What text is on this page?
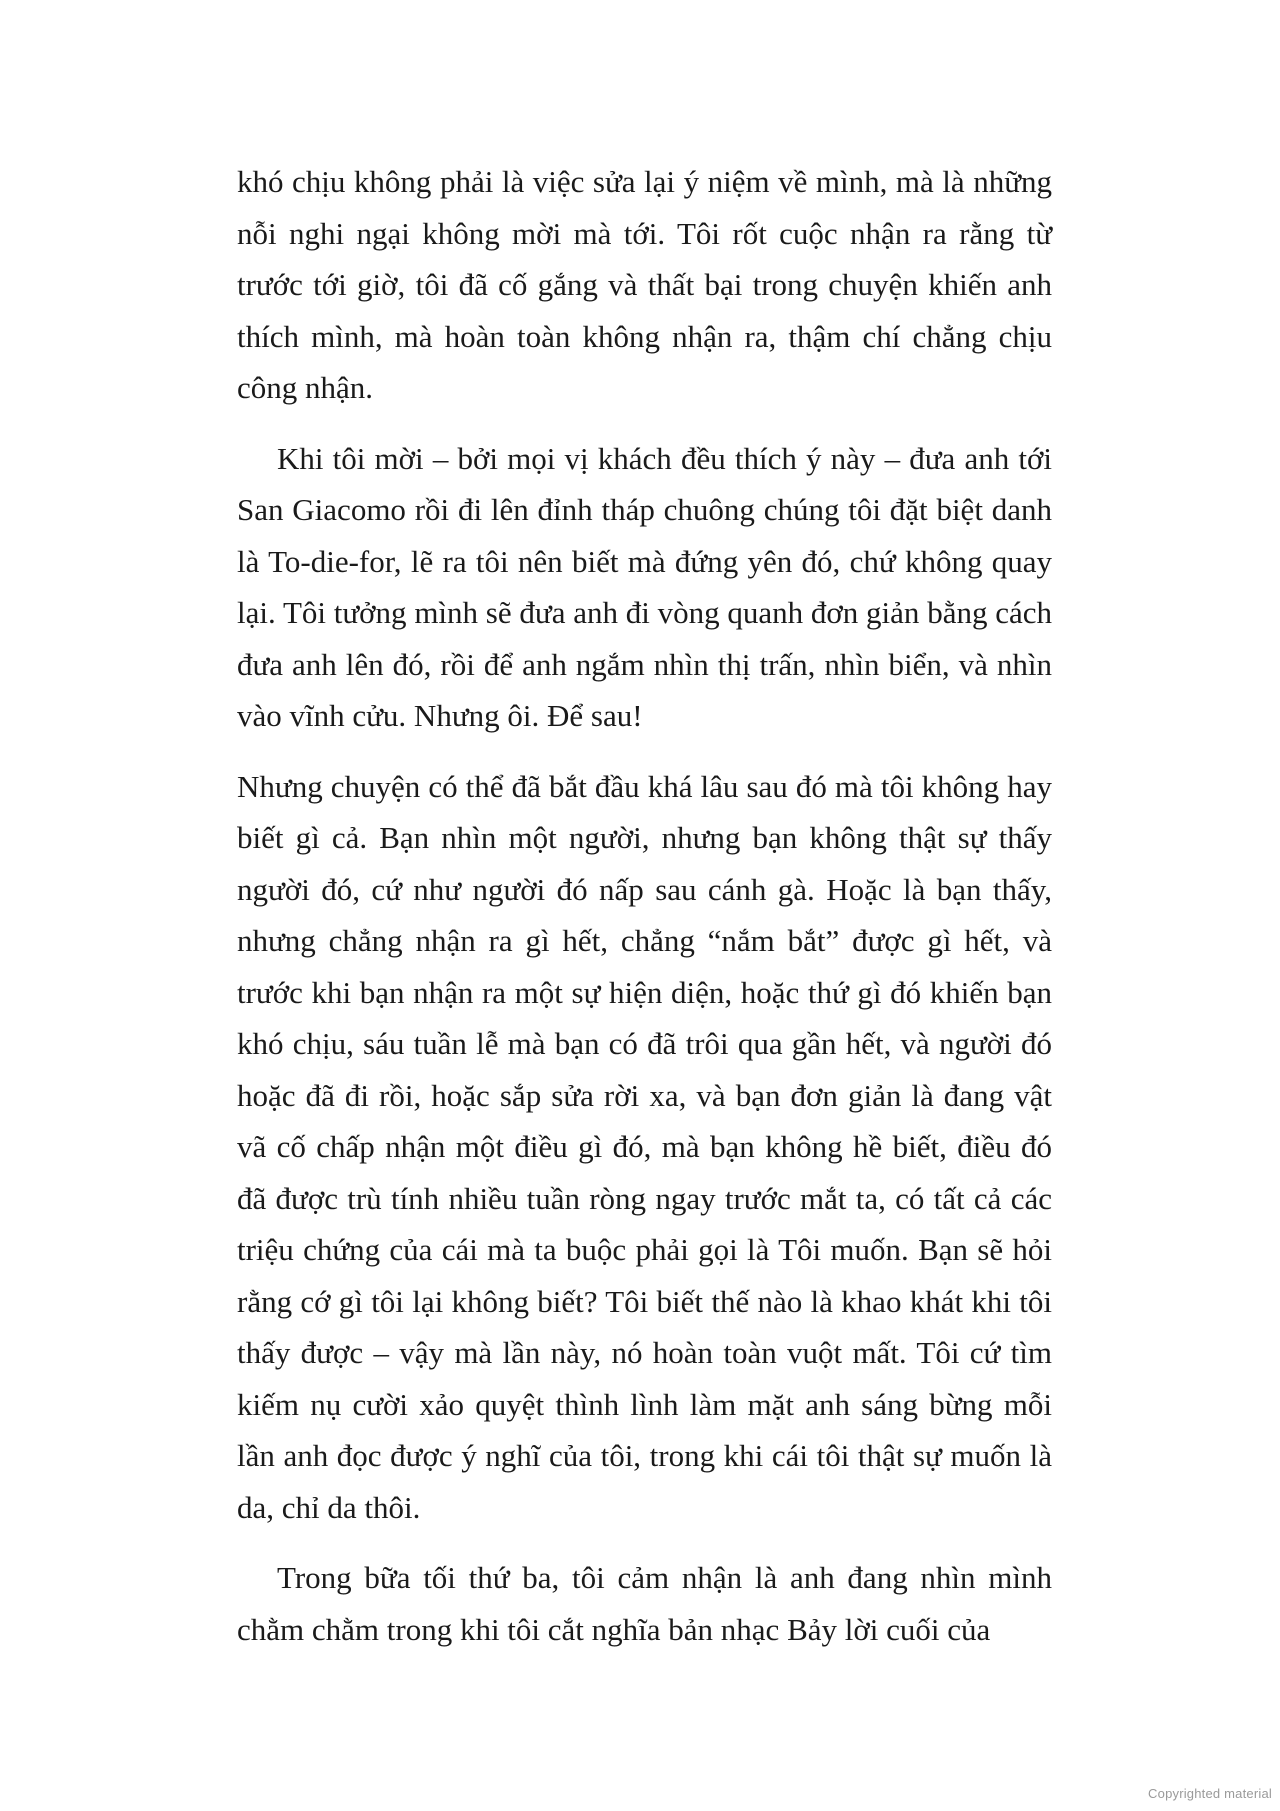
khó chịu không phải là việc sửa lại ý niệm về mình, mà là những nỗi nghi ngại không mời mà tới. Tôi rốt cuộc nhận ra rằng từ trước tới giờ, tôi đã cố gắng và thất bại trong chuyện khiến anh thích mình, mà hoàn toàn không nhận ra, thậm chí chẳng chịu công nhận.

Khi tôi mời – bởi mọi vị khách đều thích ý này – đưa anh tới San Giacomo rồi đi lên đỉnh tháp chuông chúng tôi đặt biệt danh là To-die-for, lẽ ra tôi nên biết mà đứng yên đó, chứ không quay lại. Tôi tưởng mình sẽ đưa anh đi vòng quanh đơn giản bằng cách đưa anh lên đó, rồi để anh ngắm nhìn thị trấn, nhìn biển, và nhìn vào vĩnh cửu. Nhưng ôi. Để sau!

Nhưng chuyện có thể đã bắt đầu khá lâu sau đó mà tôi không hay biết gì cả. Bạn nhìn một người, nhưng bạn không thật sự thấy người đó, cứ như người đó nấp sau cánh gà. Hoặc là bạn thấy, nhưng chẳng nhận ra gì hết, chẳng “nắm bắt” được gì hết, và trước khi bạn nhận ra một sự hiện diện, hoặc thứ gì đó khiến bạn khó chịu, sáu tuần lễ mà bạn có đã trôi qua gần hết, và người đó hoặc đã đi rồi, hoặc sắp sửa rời xa, và bạn đơn giản là đang vật vã cố chấp nhận một điều gì đó, mà bạn không hề biết, điều đó đã được trù tính nhiều tuần ròng ngay trước mắt ta, có tất cả các triệu chứng của cái mà ta buộc phải gọi là Tôi muốn. Bạn sẽ hỏi rằng cớ gì tôi lại không biết? Tôi biết thế nào là khao khát khi tôi thấy được – vậy mà lần này, nó hoàn toàn vuột mất. Tôi cứ tìm kiếm nụ cười xảo quyệt thình lình làm mặt anh sáng bừng mỗi lần anh đọc được ý nghĩ của tôi, trong khi cái tôi thật sự muốn là da, chỉ da thôi.

Trong bữa tối thứ ba, tôi cảm nhận là anh đang nhìn mình chằm chằm trong khi tôi cắt nghĩa bản nhạc Bảy lời cuối của

Copyrighted material
